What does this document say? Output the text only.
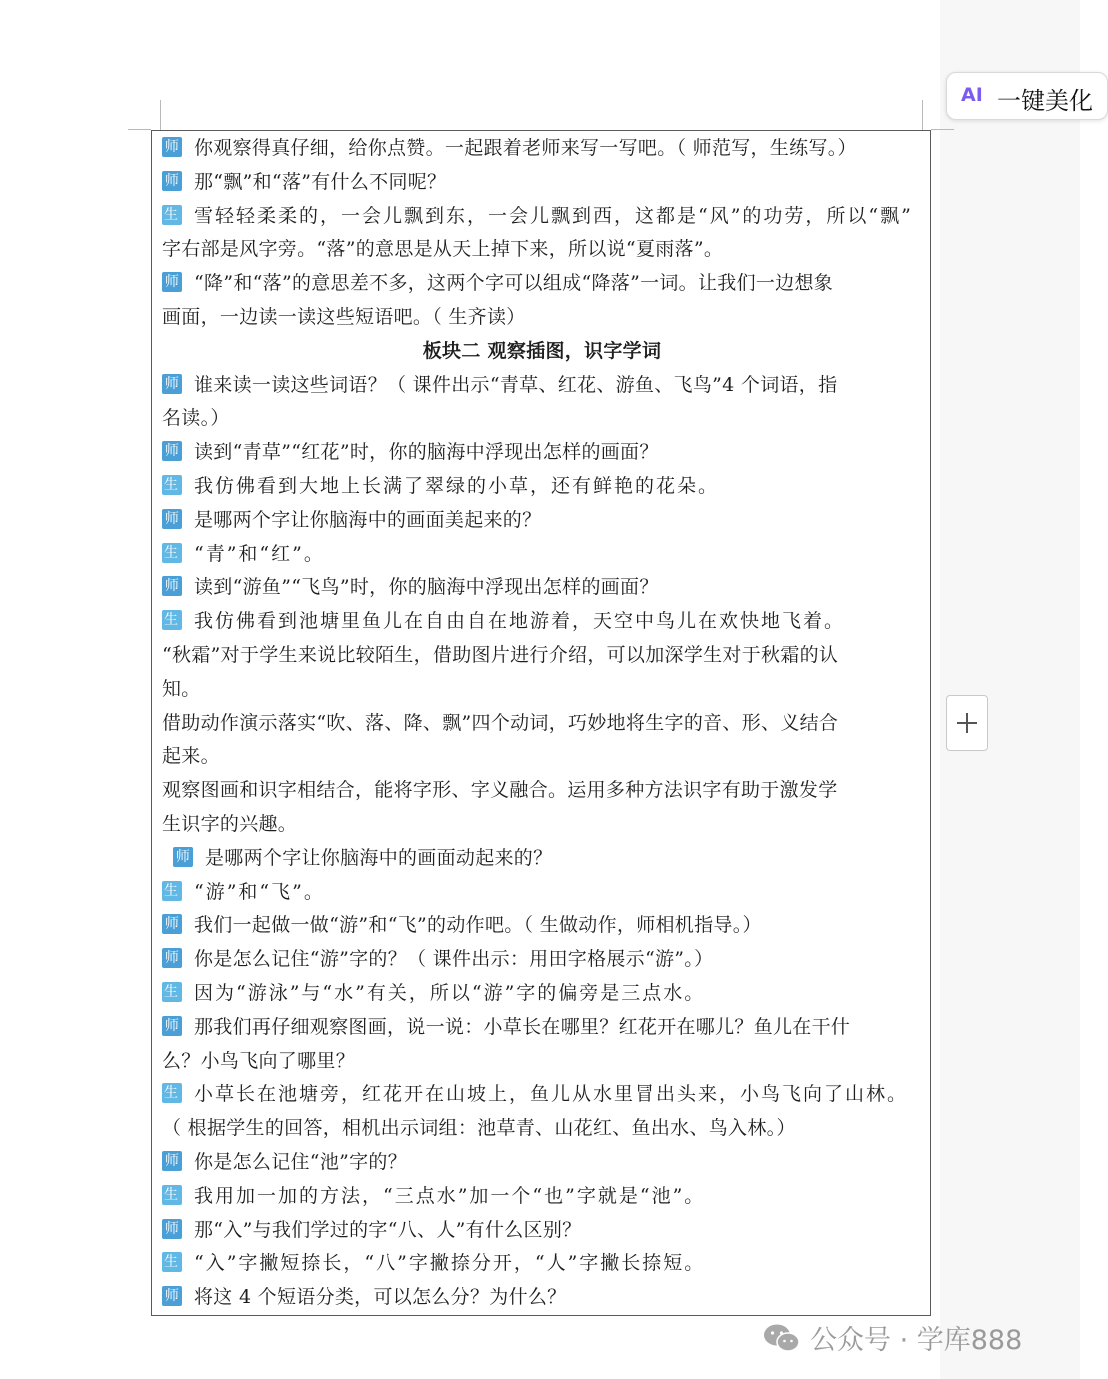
师 你观察得真仔细，给你点赞。一起跟着老师来写一写吧。（ 师范写，生练写。）
师 那“飘”和“落”有什么不同呢？
生 雪轻轻柔柔的，一会儿飘到东，一会儿飘到西，这都是“风”的功劳，所以“飘”
字右部是风字旁。“落”的意思是从天上掉下来，所以说“夏雨落”。
师 “降”和“落”的意思差不多，这两个字可以组成“降落”一词。让我们一边想象
画面，一边读一读这些短语吧。（ 生齐读）
板块二 观察插图，识字学词
师 谁来读一读这些词语？（ 课件出示“青草、红花、游鱼、飞鸟”4 个词语，指
名读。）
师 读到“青草”“红花”时，你的脑海中浮现出怎样的画面？
生 我仿佛看到大地上长满了翠绿的小草，还有鲜艳的花朵。
师 是哪两个字让你脑海中的画面美起来的？
生 “青”和“红”。
师 读到“游鱼”“飞鸟”时，你的脑海中浮现出怎样的画面？
生 我仿佛看到池塘里鱼儿在自由自在地游着，天空中鸟儿在欢快地飞着。
“秋霜”对于学生来说比较陌生，借助图片进行介绍，可以加深学生对于秋霜的认
知。
借助动作演示落实“吹、落、降、飘”四个动词，巧妙地将生字的音、形、义结合
起来。
观察图画和识字相结合，能将字形、字义融合。运用多种方法识字有助于激发学
生识字的兴趣。
师 是哪两个字让你脑海中的画面动起来的？
生 “游”和“飞”。
师 我们一起做一做“游”和“飞”的动作吧。（ 生做动作，师相机指导。）
师 你是怎么记住“游”字的？（ 课件出示：用田字格展示“游”。）
生 因为“游泳”与“水”有关，所以“游”字的偏旁是三点水。
师 那我们再仔细观察图画，说一说：小草长在哪里？红花开在哪儿？鱼儿在干什
么？小鸟飞向了哪里？
生 小草长在池塘旁，红花开在山坡上，鱼儿从水里冒出头来，小鸟飞向了山林。
（ 根据学生的回答，相机出示词组：池草青、山花红、鱼出水、鸟入林。）
师 你是怎么记住“池”字的？
生 我用加一加的方法，“三点水”加一个“也”字就是“池”。
师 那“入”与我们学过的字“八、人”有什么区别？
生 “入”字撇短捺长，“八”字撇捺分开，“人”字撇长捺短。
师 将这 4 个短语分类，可以怎么分？为什么？
AI 一键美化
公众号 · 学库888
